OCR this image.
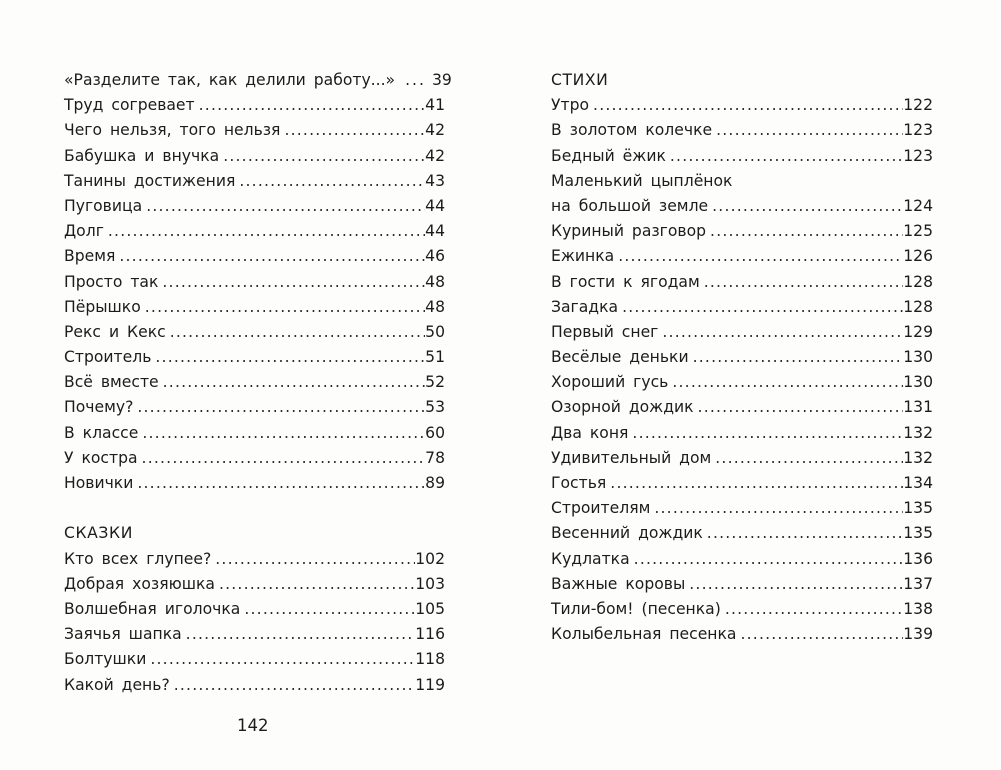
«Разделите так, как делили работу...» ... 39
Труд согревает .....	41
Чего нельзя, того нельзя .....	42
Бабушка и внучка .....	42
Танины достижения .....	43
Пуговица .....	44
Долг .....	44
Время .....	46
Просто так .....	48
Пёрышко .....	48
Рекс и Кекс .....	50
Строитель .....	51
Всё вместе .....	52
Почему? .....	53
В классе .....	60
У костра .....	78
Новички .....	89
СКАЗКИ
Кто всех глупее? .....	102
Добрая хозяюшка .....	103
Волшебная иголочка .....	105
Заячья шапка .....	116
Болтушки .....	118
Какой день? .....	119
СТИХИ
Утро .....	122
В золотом колечке .....	123
Бедный ёжик .....	123
Маленький цыплёнок
на большой земле .....	124
Куриный разговор .....	125
Ежинка .....	126
В гости к ягодам .....	128
Загадка .....	128
Первый снег .....	129
Весёлые деньки .....	130
Хороший гусь .....	130
Озорной дождик .....	131
Два коня .....	132
Удивительный дом .....	132
Гостья .....	134
Строителям .....	135
Весенний дождик .....	135
Кудлатка .....	136
Важные коровы .....	137
Тили-бом! (песенка) .....	138
Колыбельная песенка .....	139
142
